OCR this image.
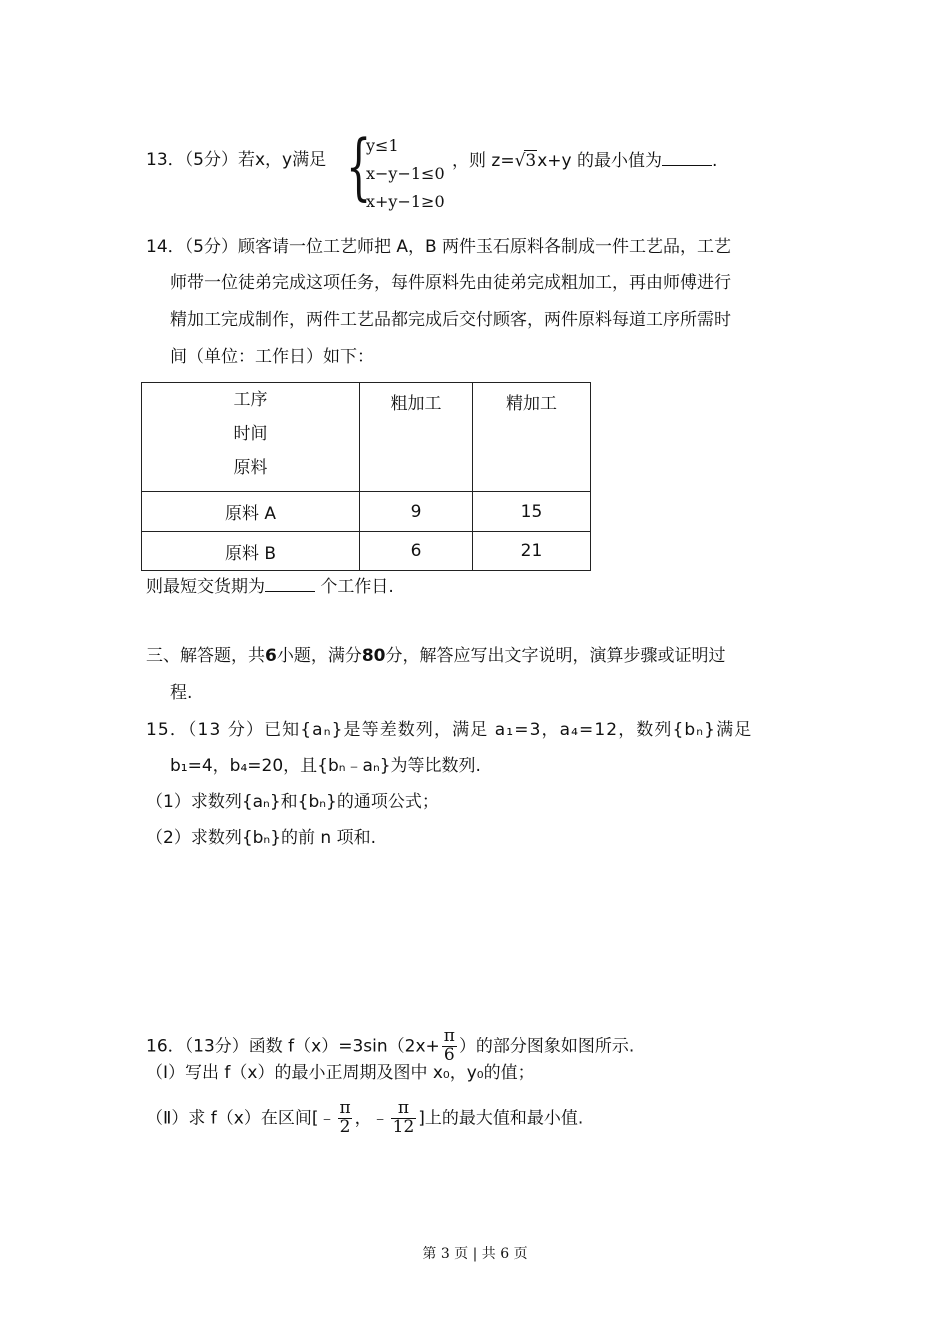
13．（5分）若x，y满足 {
y≤1
x−y−1≤0
x+y−1≥0
，则 z=√3x+y 的最小值为	.
14．（5分）顾客请一位工艺师把 A，B 两件玉石原料各制成一件工艺品，工艺
师带一位徒弟完成这项任务，每件原料先由徒弟完成粗加工，再由师傅进行
精加工完成制作，两件工艺品都完成后交付顾客，两件原料每道工序所需时
间（单位：工作日）如下：
工序
时间
原料	粗加工	精加工
原料 A	9	15
原料 B	6	21
则最短交货期为	个工作日.
三、解答题，共6小题，满分80分，解答应写出文字说明，演算步骤或证明过
程.
15．（13 分）已知{aₙ}是等差数列，满足 a₁=3，a₄=12，数列{bₙ}满足
b₁=4，b₄=20，且{bₙ﹣aₙ}为等比数列.
（1）求数列{aₙ}和{bₙ}的通项公式；
（2）求数列{bₙ}的前 n 项和.
16．（13分）函数 $f(x)=3\sin(2x+ \frac{\pi}{6}$ ）的部分图象如图所示.
（Ⅰ）写出 f（x）的最小正周期及图中 x₀，y₀的值；
（Ⅱ）求 f（x）在区间[﹣ $\frac{\pi}{2}$ ，﹣ $\frac{\pi}{12}$ ]上的最大值和最小值.
第 3 页 | 共 6 页
